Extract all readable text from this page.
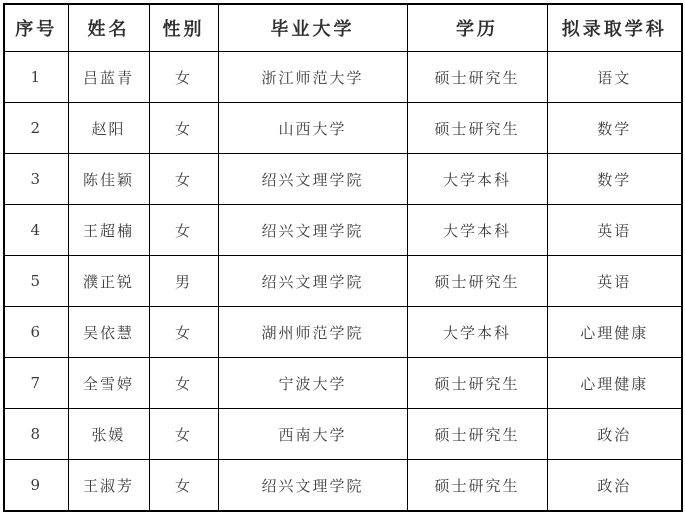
序号	姓名	性别	毕业大学	学历	拟录取学科
1	吕蓝青	女	浙江师范大学	硕士研究生	语文
2	赵阳	女	山西大学	硕士研究生	数学
3	陈佳颖	女	绍兴文理学院	大学本科	数学
4	王超楠	女	绍兴文理学院	大学本科	英语
5	濮正锐	男	绍兴文理学院	硕士研究生	英语
6	吴依慧	女	湖州师范学院	大学本科	心理健康
7	全雪婷	女	宁波大学	硕士研究生	心理健康
8	张媛	女	西南大学	硕士研究生	政治
9	王淑芳	女	绍兴文理学院	硕士研究生	政治
